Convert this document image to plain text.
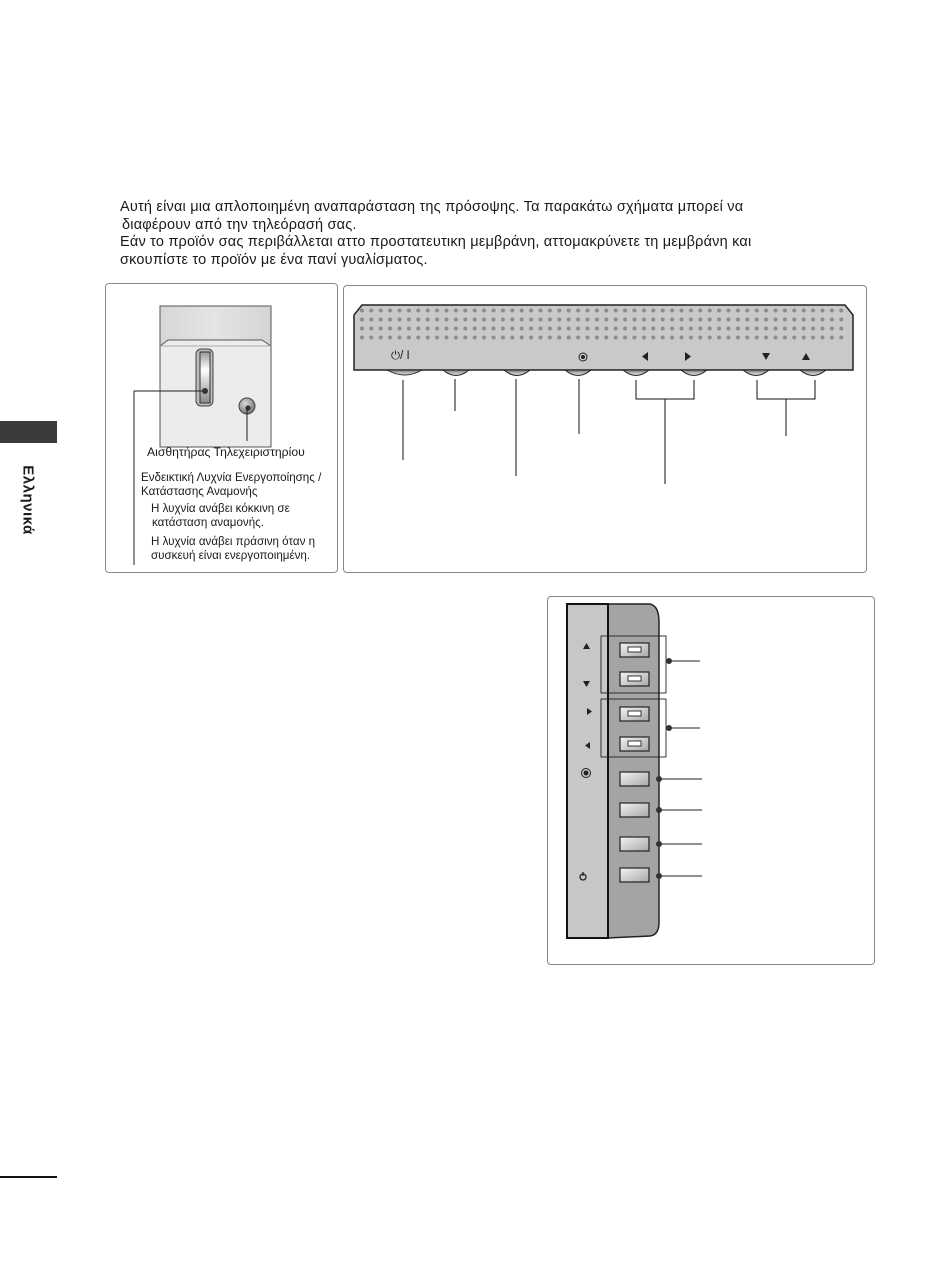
Αυτή είναι μια απλοποιημένη αναπαράσταση της πρόσοψης. Τα παρακάτω σχήματα μπορεί να

διαφέρουν από την τηλεόρασή σας.

Εάν το προϊόν σας περιβάλλεται αττο προστατευτικη μεμβράνη, αττομακρύνετε τη μεμβράνη και

σκουπίστε το προϊόν με ένα πανί γυαλίσματος.

Ελληνικά
Αισθητήρας Τηλεχειριστηρίου
Ενδεικτική Λυχνία Ενεργοποίησης /
Κατάστασης Αναμονής
Η λυχνία ανάβει κόκκινη σε
κατάσταση αναμονής.
Η λυχνία ανάβει πράσινη όταν η
συσκευή είναι ενεργοποιημένη.
⏻/ I
